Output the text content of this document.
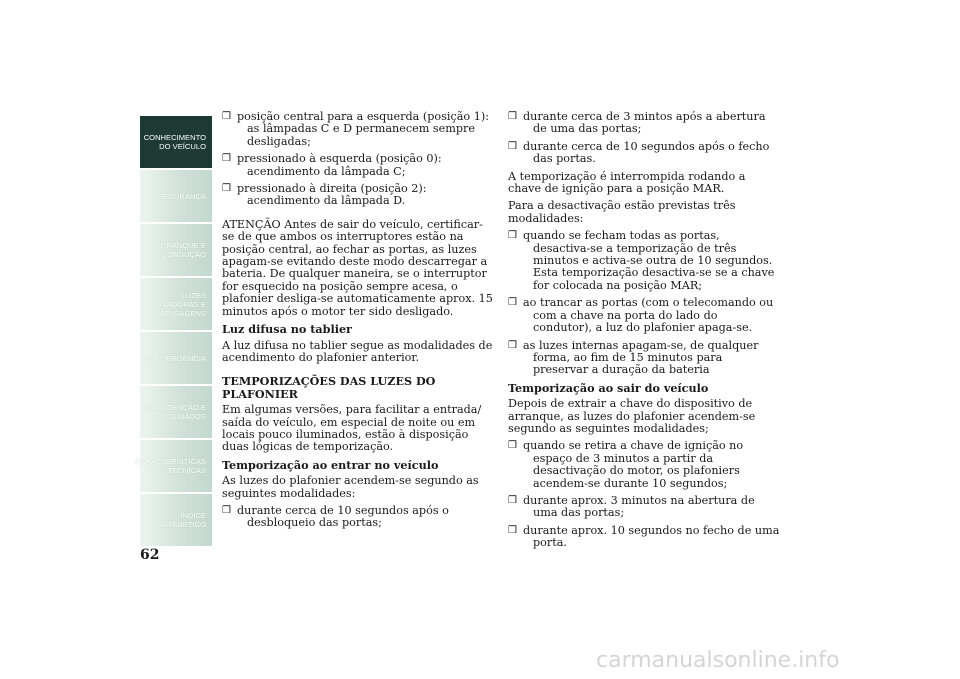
CONHECIMENTO
DO VEÍCULO
SEGURANÇA
ARRANQUE E
CONDUÇÃO
LUZES
AVISADORAS E
MENSAGENS
EM EMERGÊNCIA
MANUTENÇÃO E
CUIDADOS
CARACTERÍSTICAS
TÉCNICAS
ÍNDICE
ALFABÉTICO
62
❒ posição central para a esquerda (posição 1): as lâmpadas C e D permanecem sempre desligadas;
❒ pressionado à esquerda (posição 0): acendimento da lâmpada C;
❒ pressionado à direita (posição 2): acendimento da lâmpada D.

ATENÇÃO Antes de sair do veículo, certificar-se de que ambos os interruptores estão na posição central, ao fechar as portas, as luzes apagam-se evitando deste modo descarregar a bateria. De qualquer maneira, se o interruptor for esquecido na posição sempre acesa, o plafonier desliga-se automaticamente aprox. 15 minutos após o motor ter sido desligado.

Luz difusa no tablier

A luz difusa no tablier segue as modalidades de acendimento do plafonier anterior.

TEMPORIZAÇÕES DAS LUZES DO PLAFONIER

Em algumas versões, para facilitar a entrada/ saída do veículo, em especial de noite ou em locais pouco iluminados, estão à disposição duas lógicas de temporização.

Temporização ao entrar no veículo

As luzes do plafonier acendem-se segundo as seguintes modalidades:

❒ durante cerca de 10 segundos após o desbloqueio das portas;
❒ durante cerca de 3 mintos após a abertura de uma das portas;
❒ durante cerca de 10 segundos após o fecho das portas.

A temporização é interrompida rodando a chave de ignição para a posição MAR.

Para a desactivação estão previstas três modalidades:

❒ quando se fecham todas as portas, desactiva-se a temporização de três minutos e activa-se outra de 10 segundos. Esta temporização desactiva-se se a chave for colocada na posição MAR;
❒ ao trancar as portas (com o telecomando ou com a chave na porta do lado do condutor), a luz do plafonier apaga-se.
❒ as luzes internas apagam-se, de qualquer forma, ao fim de 15 minutos para preservar a duração da bateria

Temporização ao sair do veículo

Depois de extrair a chave do dispositivo de arranque, as luzes do plafonier acendem-se segundo as seguintes modalidades;

❒ quando se retira a chave de ignição no espaço de 3 minutos a partir da desactivação do motor, os plafoniers acendem-se durante 10 segundos;
❒ durante aprox. 3 minutos na abertura de uma das portas;
❒ durante aprox. 10 segundos no fecho de uma porta.
carmanualsonline.info
